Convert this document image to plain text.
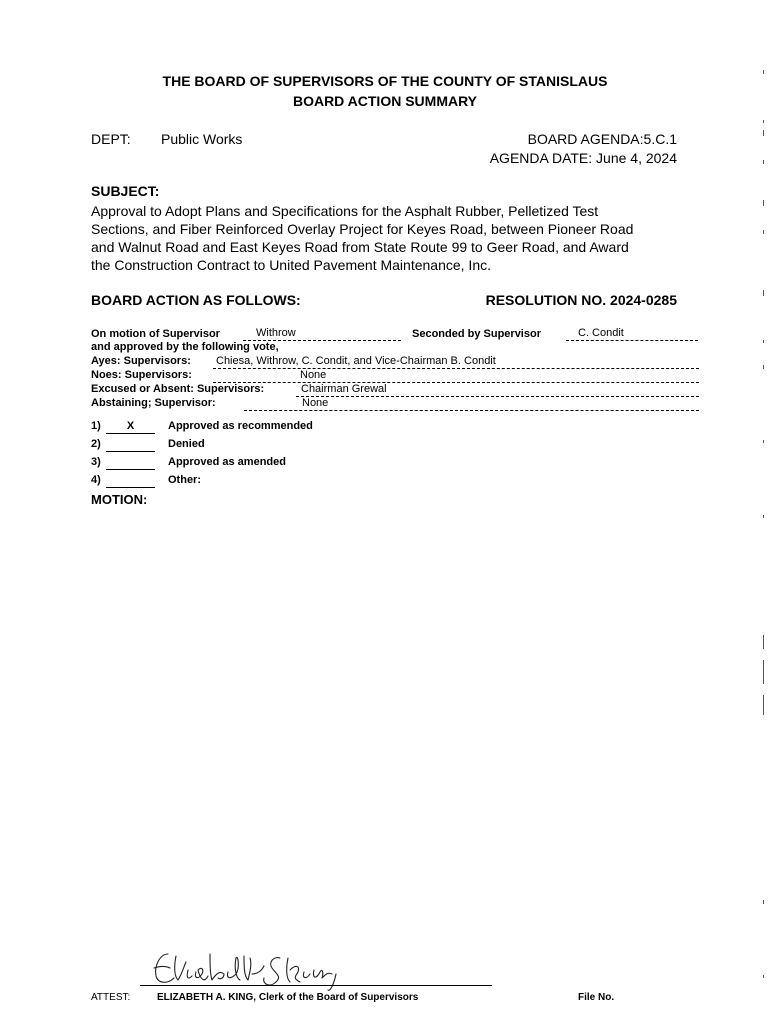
THE BOARD OF SUPERVISORS OF THE COUNTY OF STANISLAUS
BOARD ACTION SUMMARY
DEPT: Public Works	BOARD AGENDA:5.C.1
AGENDA DATE: June 4, 2024
SUBJECT:
Approval to Adopt Plans and Specifications for the Asphalt Rubber, Pelletized Test
Sections, and Fiber Reinforced Overlay Project for Keyes Road, between Pioneer Road
and Walnut Road and East Keyes Road from State Route 99 to Geer Road, and Award
the Construction Contract to United Pavement Maintenance, Inc.
BOARD ACTION AS FOLLOWS:	RESOLUTION NO. 2024-0285
On motion of Supervisor	Withrow	Seconded by Supervisor	C. Condit
and approved by the following vote,
Ayes: Supervisors: Chiesa, Withrow, C. Condit, and Vice-Chairman B. Condit
Noes: Supervisors:	None
Excused or Absent: Supervisors:	Chairman Grewal
Abstaining; Supervisor:	None
1)	X	Approved as recommended
2)	Denied
3)	Approved as amended
4)	Other:
MOTION:
ATTEST:	ELIZABETH A. KING, Clerk of the Board of Supervisors	File No.
